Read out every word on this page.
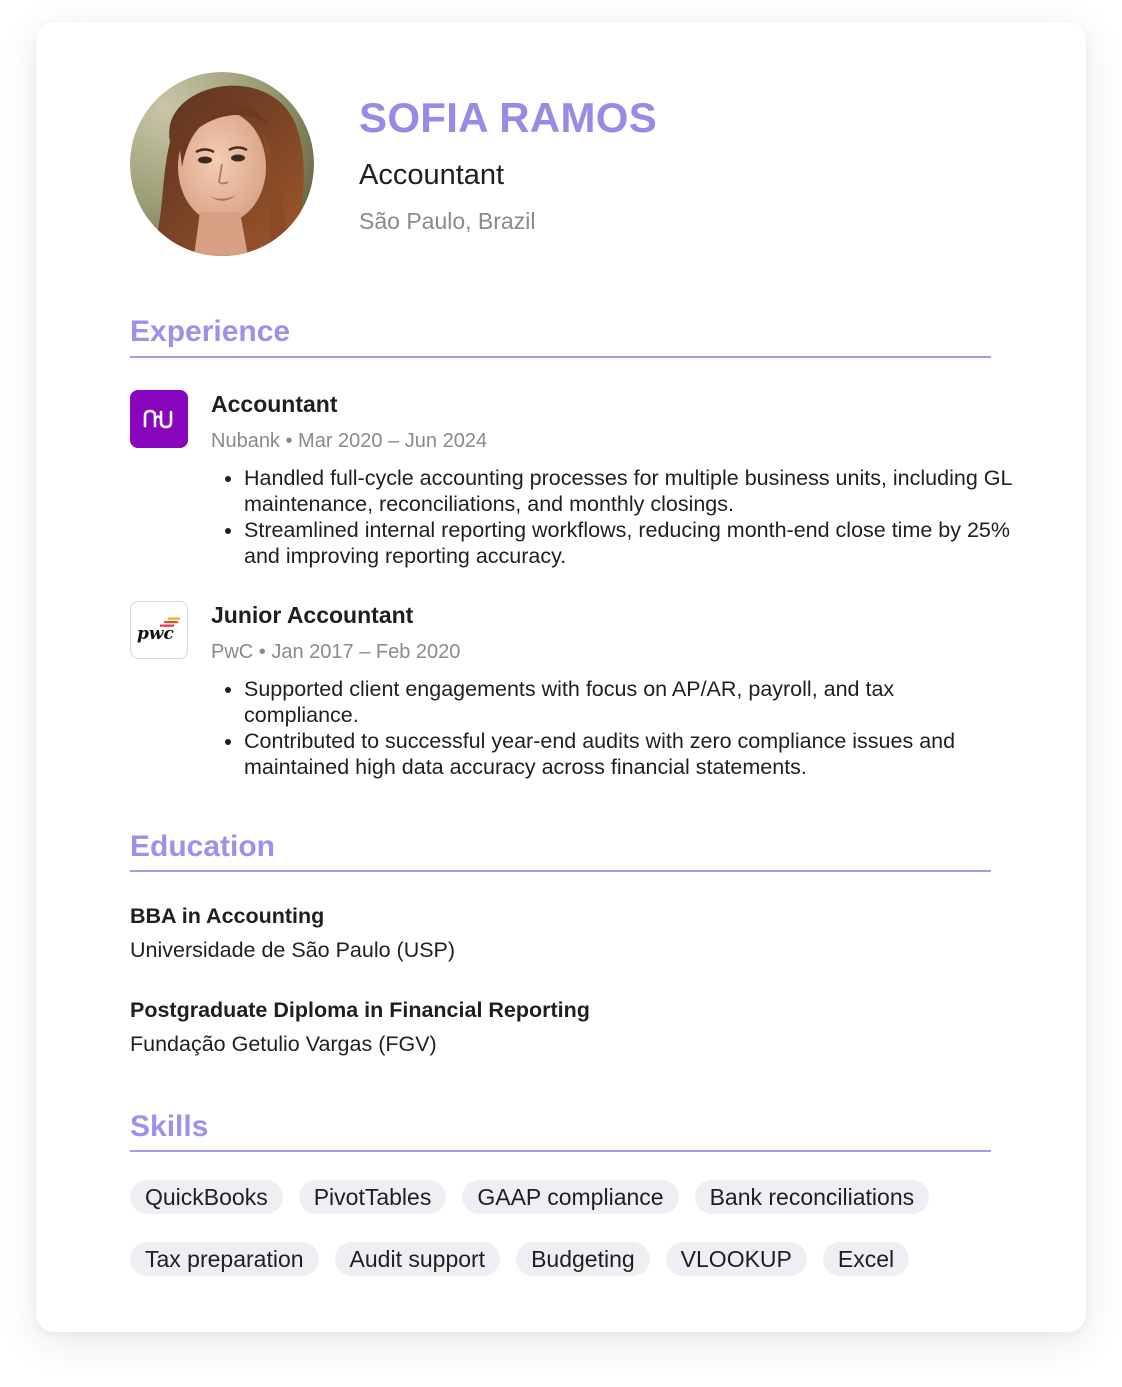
SOFIA RAMOS
Accountant
São Paulo, Brazil
Experience
Accountant
Nubank • Mar 2020 – Jun 2024
Handled full-cycle accounting processes for multiple business units, including GL maintenance, reconciliations, and monthly closings.
Streamlined internal reporting workflows, reducing month-end close time by 25% and improving reporting accuracy.
pwc
Junior Accountant
PwC • Jan 2017 – Feb 2020
Supported client engagements with focus on AP/AR, payroll, and tax compliance.
Contributed to successful year-end audits with zero compliance issues and maintained high data accuracy across financial statements.
Education
BBA in Accounting
Universidade de São Paulo (USP)
Postgraduate Diploma in Financial Reporting
Fundação Getulio Vargas (FGV)
Skills
QuickBooks	PivotTables	GAAP compliance	Bank reconciliations
Tax preparation	Audit support	Budgeting	VLOOKUP	Excel
